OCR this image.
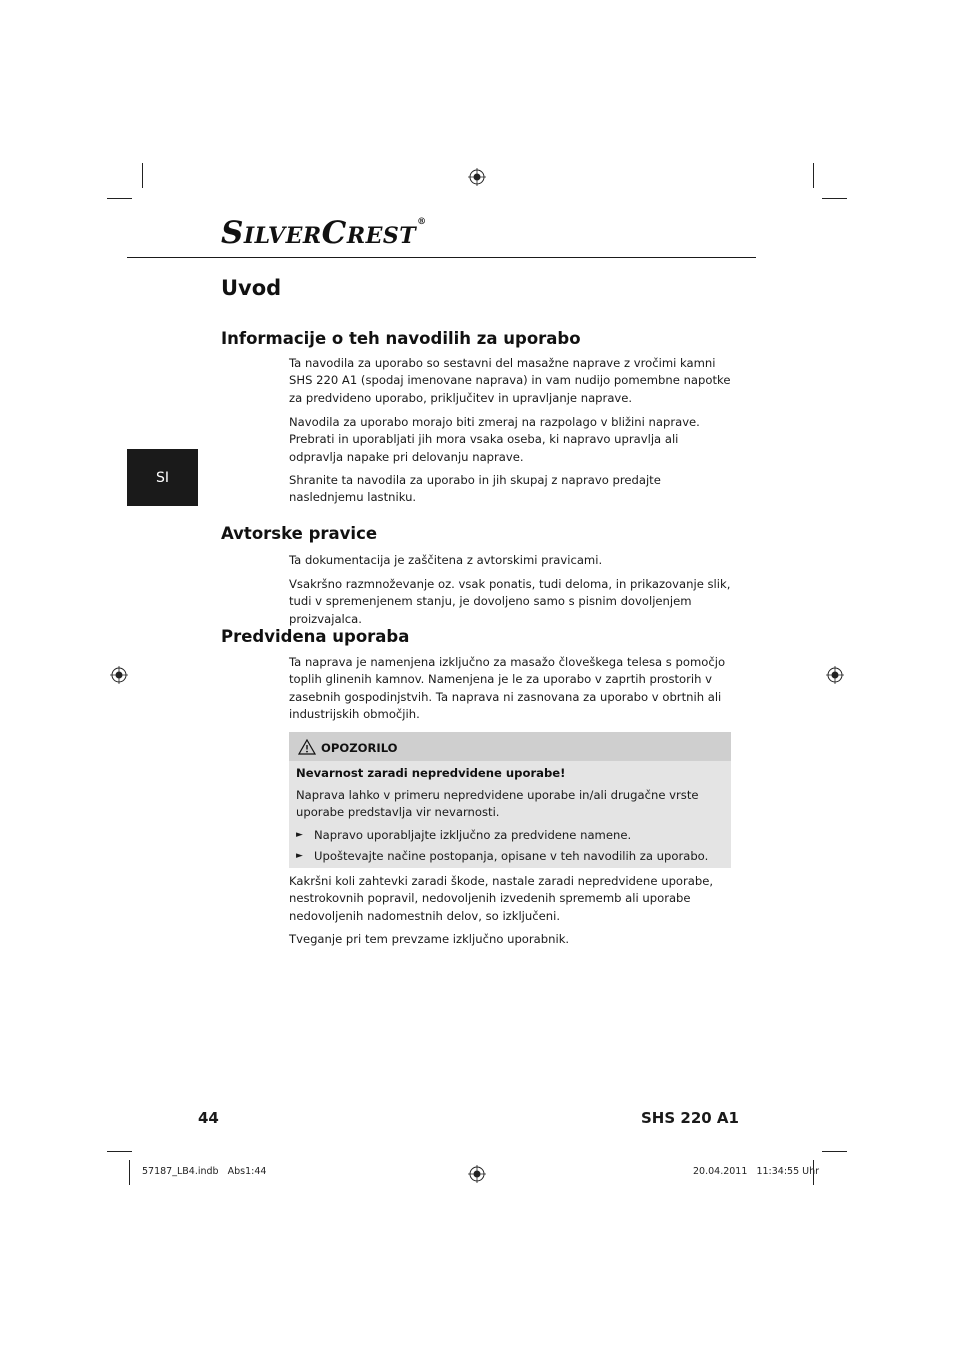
SILVERCREST®
SI
Uvod
Informacije o teh navodilih za uporabo

Ta navodila za uporabo so sestavni del masažne naprave z vročimi kamni SHS 220 A1 (spodaj imenovane naprava) in vam nudijo pomembne napotke za predvideno uporabo, priključitev in upravljanje naprave.

Navodila za uporabo morajo biti zmeraj na razpolago v bližini naprave. Prebrati in uporabljati jih mora vsaka oseba, ki napravo upravlja ali odpravlja napake pri delovanju naprave.

Shranite ta navodila za uporabo in jih skupaj z napravo predajte naslednjemu lastniku.

Avtorske pravice

Ta dokumentacija je zaščitena z avtorskimi pravicami.

Vsakršno razmnoževanje oz. vsak ponatis, tudi deloma, in prikazovanje slik, tudi v spremenjenem stanju, je dovoljeno samo s pisnim dovoljenjem proizvajalca.

Predvidena uporaba

Ta naprava je namenjena izključno za masažo človeškega telesa s pomočjo toplih glinenih kamnov. Namenjena je le za uporabo v zaprtih prostorih v zasebnih gospodinjstvih. Ta naprava ni zasnovana za uporabo v obrtnih ali industrijskih območjih.

OPOZORILO
Nevarnost zaradi nepredvidene uporabe!
Naprava lahko v primeru nepredvidene uporabe in/ali drugačne vrste uporabe predstavlja vir nevarnosti.
► Napravo uporabljajte izključno za predvidene namene.
► Upoštevajte načine postopanja, opisane v teh navodilih za uporabo.

Kakršni koli zahtevki zaradi škode, nastale zaradi nepredvidene uporabe, nestrokovnih popravil, nedovoljenih izvedenih sprememb ali uporabe nedovoljenih nadomestnih delov, so izključeni.

Tveganje pri tem prevzame izključno uporabnik.

44	SHS 220 A1
57187_LB4.indb   Abs1:44	20.04.2011   11:34:55 Uhr
